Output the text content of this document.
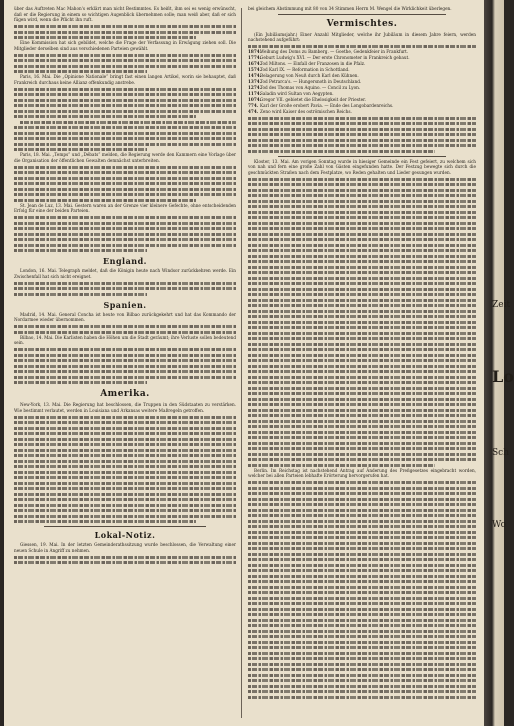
über das Auftreten Mac Mahon's erklärt man nicht Bestimmtes. Es heißt, ihm sei es wenig erwünscht, daß er die Regierung in einem so wichtigen Augenblick übernehmen solle; man weiß aber, daß er sich fügen wird, wenn die Pflicht ihn ruft.

Eine Kommission hat sich gebildet, welche die Frage der Verfassung in Erwägung ziehen soll. Die Mitglieder derselben sind aus verschiedenen Parteien gewählt.

Paris, 16. Mai. Die „Opinione Nationale“ bringt fast einen langen Artikel, worin sie behauptet, daß Frankreich durchaus keine Allianz offenkundig anstrebe.

Paris, 18. Mai. „Temps“ und „Débats“ melden, die Regierung werde den Kammern eine Vorlage über die Organisation der öffentlichen Gewalten demnächst unterbreiten.

St. Jean de Luz, 13. Mai. Gestern waren an der Grenze vier kleinere Gefechte, ohne entscheidenden Erfolg für eine der beiden Parteien.

England.

London, 16. Mai. Telegraph meldet, daß die Königin heute nach Windsor zurückkehren werde. Ein Zwischenfall hat sich nicht ereignet.

Spanien.

Madrid, 14. Mai. General Concha ist heute von Bilbao zurückgekehrt und hat das Kommando der Nordarmee wieder übernommen.

Bilbao, 14. Mai. Die Karlisten haben die Höhen um die Stadt geräumt; ihre Verluste sollen bedeutend sein.

Amerika.

New-York, 13. Mai. Die Regierung hat beschlossen, die Truppen in den Südstaaten zu verstärken. Wie bestimmt verlautet, werden in Louisiana und Arkansas weitere Maßregeln getroffen.

Lokal-Notiz.

Giessen, 19. Mai. In der letzten Gemeinderathssitzung wurde beschlossen, die Verwaltung einer neuen Schule in Angriff zu nehmen.

bei gleichem Abstimmung mit 80 von 34 Stimmen Herrn M. Wengel die Wirklichkeit überlegen.

Vermischtes.

(Ein Jubiläumsjahr.) Einer Anzahl Mitglieder, welche ihr Jubiläum in diesem Jahre feiern, werden nachstehend aufgeführt:

1874.
Weihung des Doms zu Bamberg. — Goethe, Gedenkfeier in Frankfurt.
1774.
Geburt Ludwig's XVI. — Der erste Chronometer in Frankreich gebaut.
1674.
Tod Miltons. — Einfall der Franzosen in die Pfalz.
1574.
Tod Karl IX. — Reformation in Schottland.
1474.
Belagerung von Neuß durch Karl den Kühnen.
1374.
Tod Petrarca's. — Hungersnoth in Deutschland.
1274.
Tod des Thomas von Aquino. — Concil zu Lyon.
1174.
Saladin wird Sultan von Aegypten.
1074.
Gregor VII. gebietet die Ehelosigkeit der Priester.
774. Karl der Große erobert Pavia. — Ende des Longobardenreichs.
474. Zeno wird Kaiser des oströmischen Reichs.

Kloster, 13. Mai. Am vorigen Sonntag wurde in hiesiger Gemeinde ein Fest gefeiert, zu welchem sich von nah und fern eine große Zahl von Gästen eingefunden hatte. Der Festzug bewegte sich durch die geschmückten Straßen nach dem Festplatze, wo Reden gehalten und Lieder gesungen wurden.

Berlin. Im Reichstag ist nachstehend Antrag auf Änderung des Preßgesetzes eingebracht worden, welcher bei allen Parteien lebhafte Erörterung hervorgerufen hat.

Zeit
Lo
Sch
Wo
